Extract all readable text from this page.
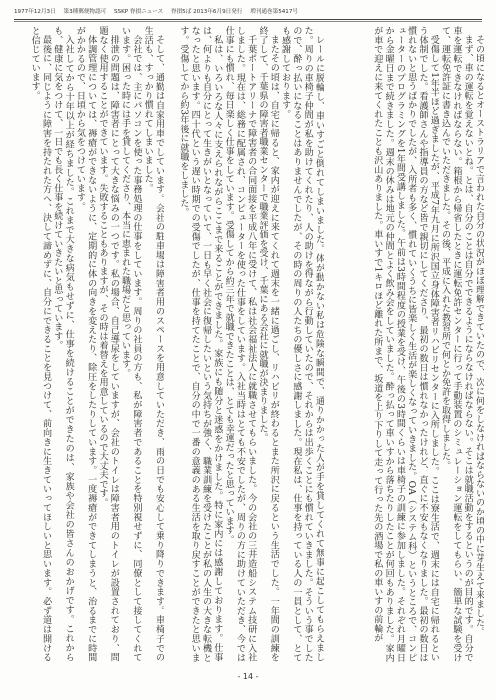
1977年12月3日 第3種郵便物認可 SSKP 脊損ニュース 脊損5ば 2013年6月9日発行 増刊通巻第5417号

その頃になるとオーストラリアで言われた自分の状況がほぼ理解できていたので、次に何をしなければならないのか頃の中に芽生えて来ました。

まず、車の運転を覚えないとね。とは、自分のことは自分でできるようにならなければならない。そこは就職活動をするというのが目的です。自分で車を運転できなければならない。箱根から帰省したときに運転免許センターに行って手動装置のシミュレーション運転をしてもらい、簡単な試験を受けて、運転免許証に書き込んでいただきました。その後、平成に入れた教習所で何とか免許を取得しました。

受傷して1年半ほど過ぎましたが、平成7年九月に所沢国立身体障害者リハビリセンターに入所しました。ここは寮生活で、週末には自宅に帰れるという体制でした。看護師さんや指導員の方など皆で親切にしてくださり、最初の数日は慣れなかったけれど、直ぐに不安もなくなりました。最初の数日は慣れないと思うばかりでしたが、入所者も多く、慣れていくうちに皆楽しく生活が楽しくなっていきました。OA（システム科）というところで、コンピューターのプログラミングを1年間受講しました。午前は3時間程度の授業を受け、午後の3時間くらいは車椅子の訓練に参加しました。それぞれ月曜日から金曜日まで続きました。週末の休みは地元の仲間とよく飲み会をしていました。酔っ払って車いすから落ちたりしたことが何回もありました。家内が車で迎えに来てくれたことも沢山ありました。車いすで1キロほど離れた所まで、坂道を上り下りして走って行った先の酒場で私の車いすの前輪が

レールに脱輪し、車いすごと倒れてしまいました。体が動かない私は危険な瞬間で、通りかかった人が手を貸してくれて無事に起こしてもらえました。周りの車椅子仲間が私を助けてくれたり、人の助けを得ながら行動していたので、それからは出歩くことにも慣れていきました。そういう事でしたので、酔っ払いになることはありませんでしたが、その時の周りの人たちの優しさに感謝しました。現在私は、仕事を持っている人の一員として、とても感謝しております。

またその頃は、自宅に帰ると、家内が迎えに来てくれて週末を一緒に過ごし、リハビリが終わるとまた所沢に戻るという生活でした。一年間の訓練を終了して、千葉県の障害者職業センターで職業評価を受け、千葉にある会社に就職が決まりました。

千葉ポートアリーナで障害者の合同面接を平成八年に受けて、私は社会福祉法人に就職させてもらいました。今の会社の三井造船システム技研に入社しました。現在は、総務に配属され、コンピューターを使った仕事をしています。入社当時はとても不安でしたが、周りの方に助けていただき、今では仕事にも慣れ、毎日楽しく仕事をしています。受傷してから約三年で就職できたことは、とても幸運だったと思っています。

私は、いろいろな人々に支えられながらここまで来ることができました。家族にも随分と迷惑をかけました。特に家内には感謝しております。仕事は、何よりも自分にとって生きがいとなっていて、一日も早く社会に復帰したいという気持ちが強く、職業訓練を受けたことが私の人生の大きな転機となったと思います。四十代という遅い時期での受傷でしたが、仕事を持てたことで、自分の中で一番の意義のある生活を取り戻すことができたと思います。受傷してから約3年後に就職をしました。

そして、通勤は自家用車でしています。会社の駐車場は障害者用のスペースを用意していただき、雨の日でも安心して乗り降りできます。車椅子での生活も、すっかり慣れてしまいました。

会社では、主にパソコンを使った事務処理の仕事をしています。周りの社員の方も、私が障害者であることを特別視せずに、同僚として接してくれています。困った時には手を貸してくださり、本当に恵まれた職場だと思っています。

排泄の問題は、障害者にとって大きな悩みの一つです。私の場合、自己導尿をしていますが、会社のトイレは障害者用のトイレが設置されており、問題なく使用することができています。失敗することもありますが、その時は着替えを用意しているので大丈夫です。

体調管理については、褥瘡ができないように、定期的に体の向きを変えたり、除圧をしたりしています。一度褥瘡ができてしまうと、治るまでに時間がかかるので、日頃から気をつけています。

入社してから十年以上が経ちました。これまで大きな病気もせずに、仕事を続けることができたのは、家族や会社の皆さんのおかげです。これからも、健康に気をつけて、一日でも長く仕事を続けていきたいと思っています。

最後に、同じように障害を持たれた方へ、決して諦めずに、自分にできることを見つけて、前向きに生きていってほしいと思います。必ず道は開けると信じています。

- 14 -
